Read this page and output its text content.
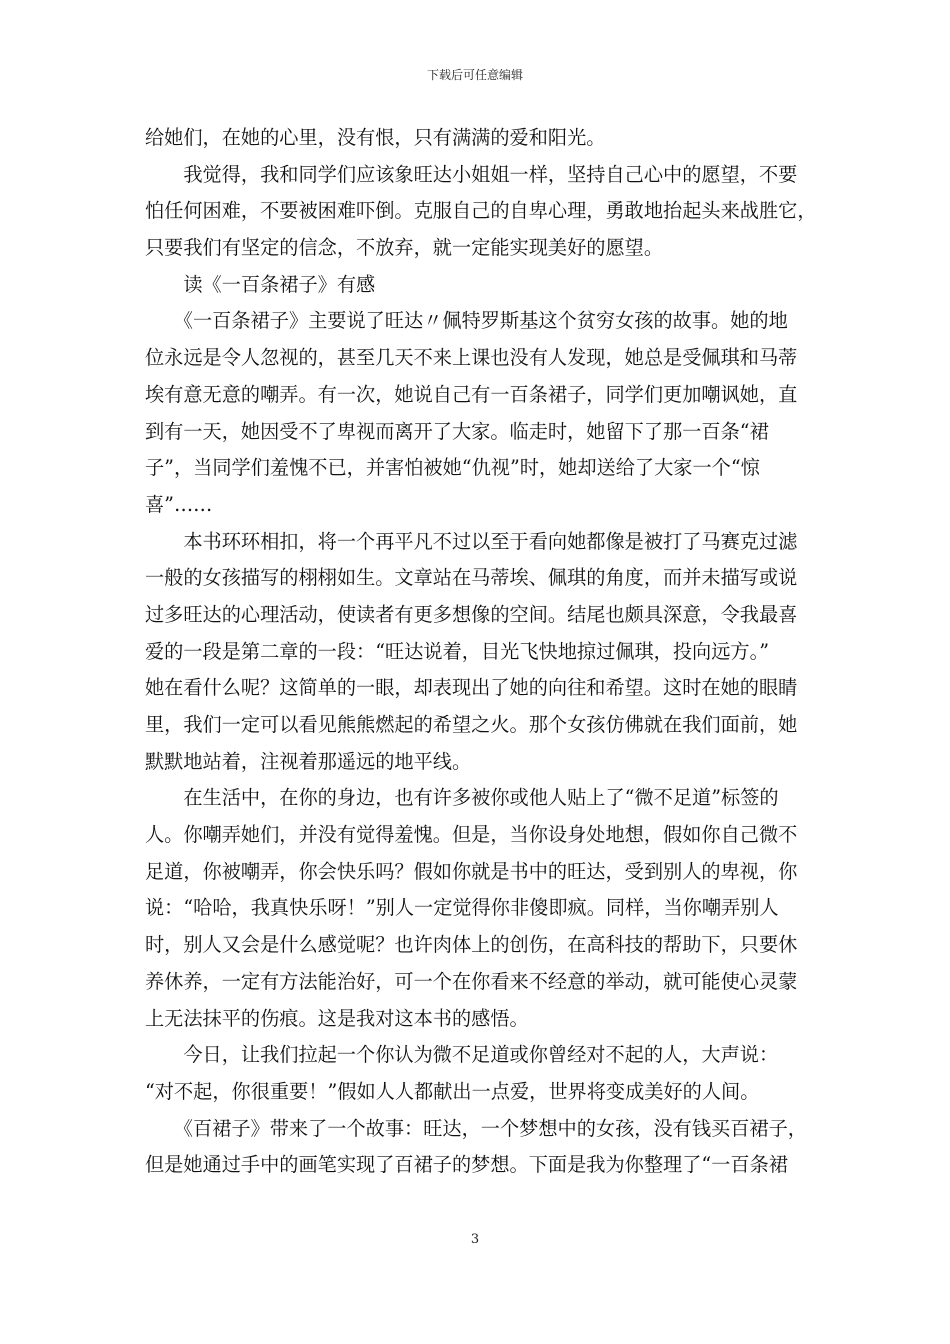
下载后可任意编辑
给她们，在她的心里，没有恨，只有满满的爱和阳光。
　　我觉得，我和同学们应该象旺达小姐姐一样，坚持自己心中的愿望，不要
怕任何困难，不要被困难吓倒。克服自己的自卑心理，勇敢地抬起头来战胜它，
只要我们有坚定的信念，不放弃，就一定能实现美好的愿望。
　　读《一百条裙子》有感
　　《一百条裙子》主要说了旺达〃佩特罗斯基这个贫穷女孩的故事。她的地
位永远是令人忽视的，甚至几天不来上课也没有人发现，她总是受佩琪和马蒂
埃有意无意的嘲弄。有一次，她说自己有一百条裙子，同学们更加嘲讽她，直
到有一天，她因受不了卑视而离开了大家。临走时，她留下了那一百条“裙
子”，当同学们羞愧不已，并害怕被她“仇视”时，她却送给了大家一个“惊
喜”……
　　本书环环相扣，将一个再平凡不过以至于看向她都像是被打了马赛克过滤
一般的女孩描写的栩栩如生。文章站在马蒂埃、佩琪的角度，而并未描写或说
过多旺达的心理活动，使读者有更多想像的空间。结尾也颇具深意，令我最喜
爱的一段是第二章的一段：“旺达说着，目光飞快地掠过佩琪，投向远方。”
她在看什么呢？这简单的一眼，却表现出了她的向往和希望。这时在她的眼睛
里，我们一定可以看见熊熊燃起的希望之火。那个女孩仿佛就在我们面前，她
默默地站着，注视着那遥远的地平线。
　　在生活中，在你的身边，也有许多被你或他人贴上了“微不足道”标签的
人。你嘲弄她们，并没有觉得羞愧。但是，当你设身处地想，假如你自己微不
足道，你被嘲弄，你会快乐吗？假如你就是书中的旺达，受到别人的卑视，你
说：“哈哈，我真快乐呀！”别人一定觉得你非傻即疯。同样，当你嘲弄别人
时，别人又会是什么感觉呢？也许肉体上的创伤，在高科技的帮助下，只要休
养休养，一定有方法能治好，可一个在你看来不经意的举动，就可能使心灵蒙
上无法抹平的伤痕。这是我对这本书的感悟。
　　今日，让我们拉起一个你认为微不足道或你曾经对不起的人，大声说：
“对不起，你很重要！”假如人人都献出一点爱，世界将变成美好的人间。
　　《百裙子》带来了一个故事：旺达，一个梦想中的女孩，没有钱买百裙子，
但是她通过手中的画笔实现了百裙子的梦想。下面是我为你整理了“一百条裙
3
